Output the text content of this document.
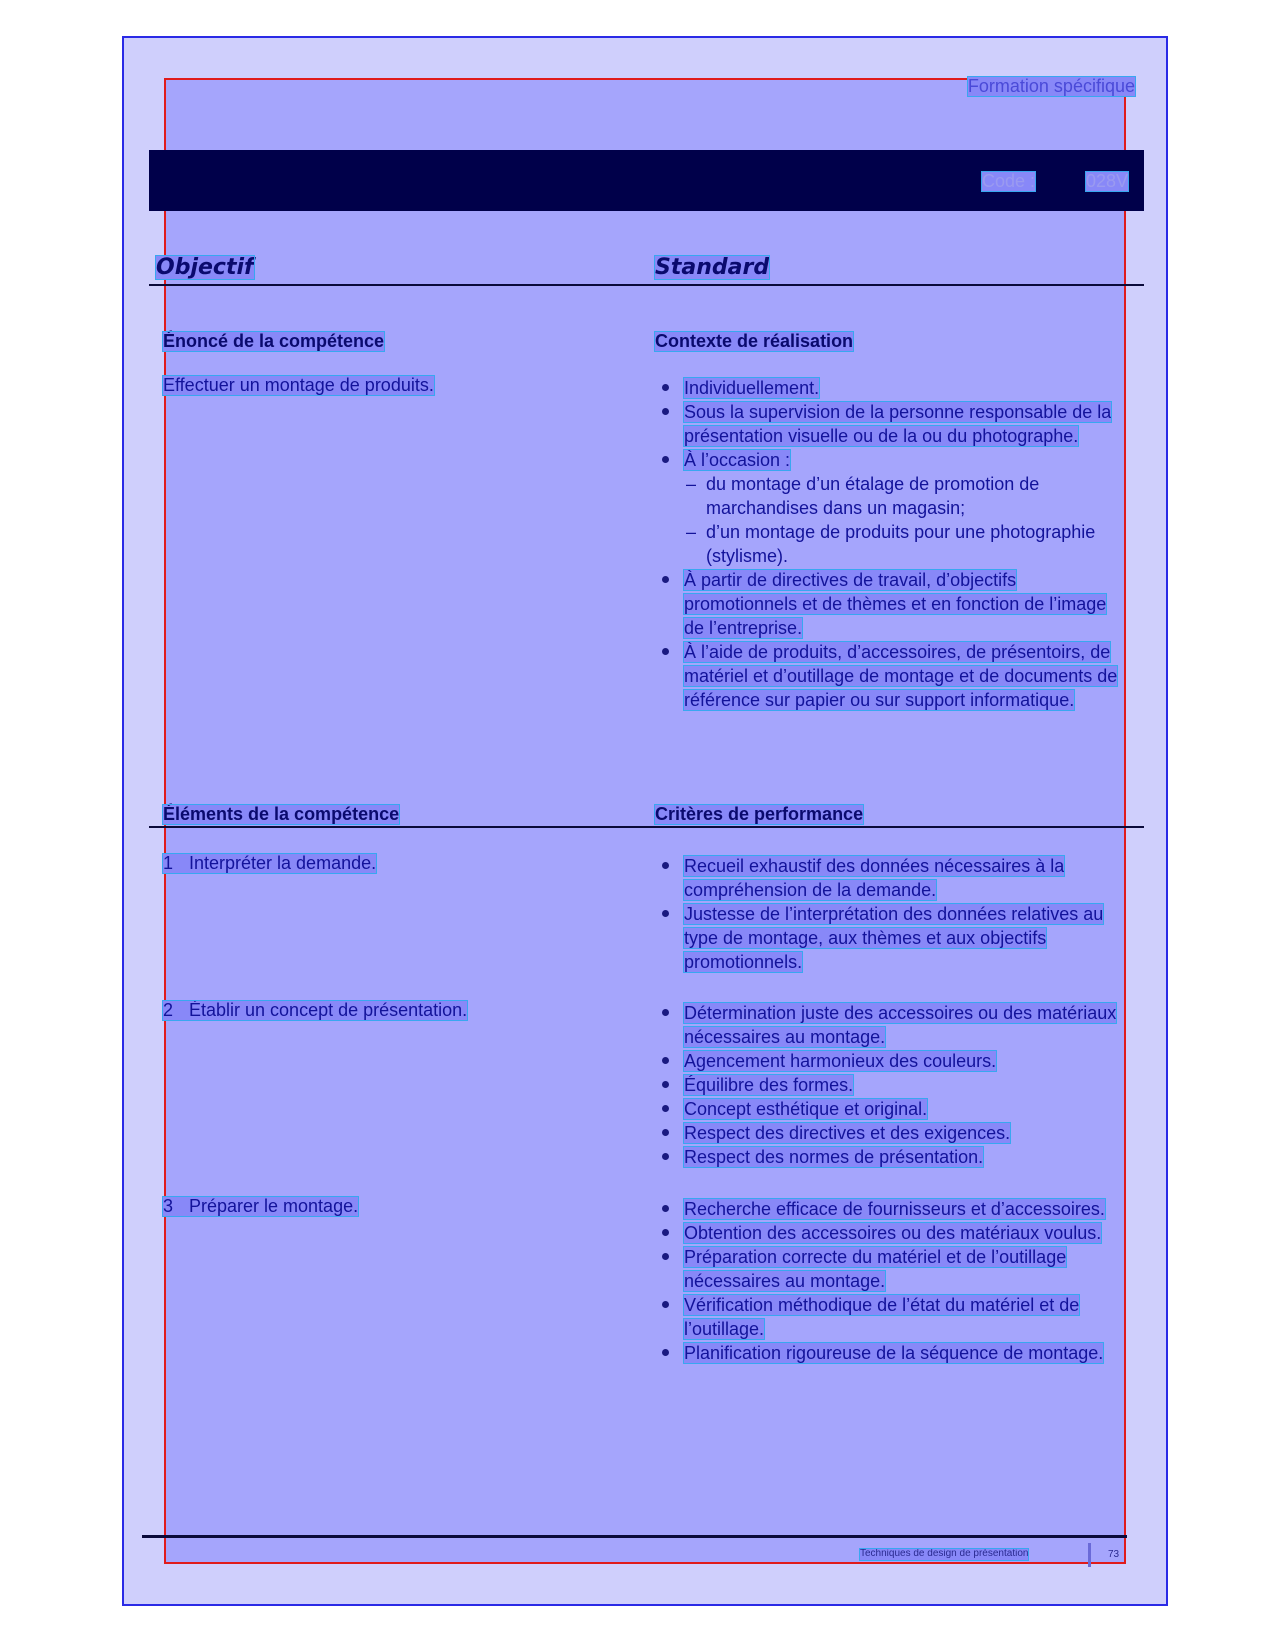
Formation spécifique
Code :	028V
Objectif	Standard
Énoncé de la compétence	Contexte de réalisation
Effectuer un montage de produits.	Individuellement.
Sous la supervision de la personne responsable de la présentation visuelle ou de la ou du photographe.
À l’occasion :
– du montage d’un étalage de promotion de marchandises dans un magasin;
– d’un montage de produits pour une photographie (stylisme).
À partir de directives de travail, d’objectifs promotionnels et de thèmes et en fonction de l’image de l’entreprise.
À l’aide de produits, d’accessoires, de présentoirs, de matériel et d’outillage de montage et de documents de référence sur papier ou sur support informatique.
Éléments de la compétence	Critères de performance
1 Interpréter la demande.	Recueil exhaustif des données nécessaires à la compréhension de la demande.
Justesse de l’interprétation des données relatives au type de montage, aux thèmes et aux objectifs promotionnels.
2 Établir un concept de présentation.	Détermination juste des accessoires ou des matériaux nécessaires au montage.
Agencement harmonieux des couleurs.
Équilibre des formes.
Concept esthétique et original.
Respect des directives et des exigences.
Respect des normes de présentation.
3 Préparer le montage.	Recherche efficace de fournisseurs et d’accessoires.
Obtention des accessoires ou des matériaux voulus.
Préparation correcte du matériel et de l’outillage nécessaires au montage.
Vérification méthodique de l’état du matériel et de l’outillage.
Planification rigoureuse de la séquence de montage.
Techniques de design de présentation	73
